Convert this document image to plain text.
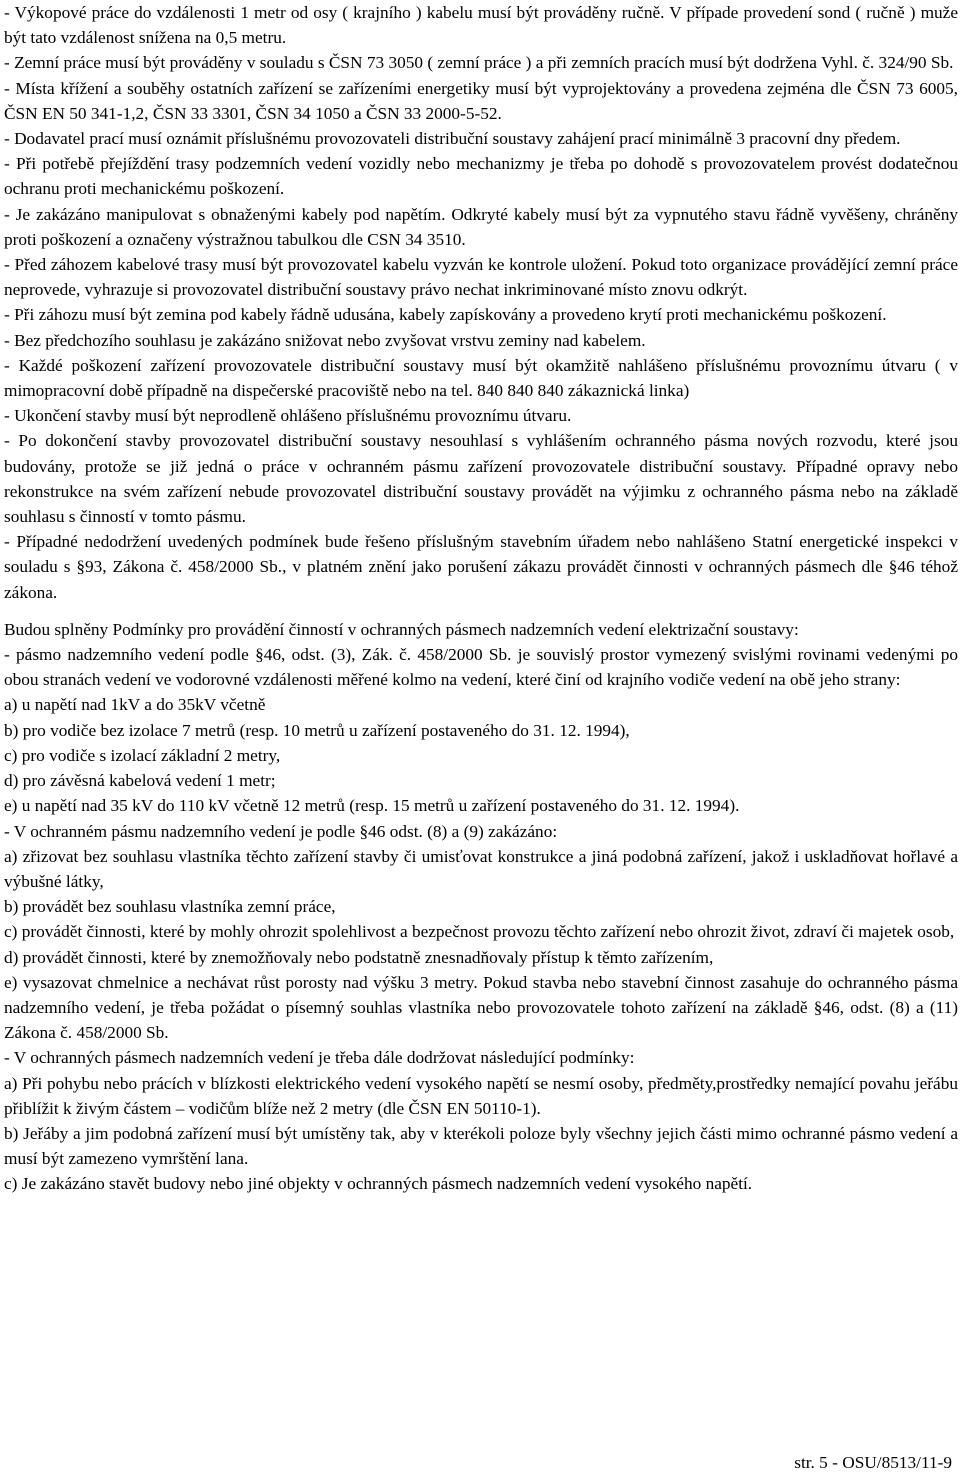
- Výkopové práce do vzdálenosti 1 metr od osy ( krajního ) kabelu musí být prováděny ručně. V případe provedení sond ( ručně ) muže být tato vzdálenost snížena na 0,5 metru.

- Zemní práce musí být prováděny v souladu s ČSN 73 3050 ( zemní práce ) a při zemních pracích musí být dodržena Vyhl. č. 324/90 Sb.

- Místa křížení a souběhy ostatních zařízení se zařízeními energetiky musí být vyprojektovány a provedena zejména dle ČSN 73 6005, ČSN EN 50 341-1,2, ČSN 33 3301, ČSN 34 1050 a ČSN 33 2000-5-52.

- Dodavatel prací musí oznámit příslušnému provozovateli distribuční soustavy zahájení prací minimálně 3 pracovní dny předem.

- Při potřebě přejíždění trasy podzemních vedení vozidly nebo mechanizmy je třeba po dohodě s provozovatelem provést dodatečnou ochranu proti mechanickému poškození.

- Je zakázáno manipulovat s obnaženými kabely pod napětím. Odkryté kabely musí být za vypnutého stavu řádně vyvěšeny, chráněny proti poškození a označeny výstražnou tabulkou dle CSN 34 3510.

- Před záhozem kabelové trasy musí být provozovatel kabelu vyzván ke kontrole uložení. Pokud toto organizace provádějící zemní práce neprovede, vyhrazuje si provozovatel distribuční soustavy právo nechat inkriminované místo znovu odkrýt.

- Při záhozu musí být zemina pod kabely řádně udusána, kabely zapískovány a provedeno krytí proti mechanickému poškození.

- Bez předchozího souhlasu je zakázáno snižovat nebo zvyšovat vrstvu zeminy nad kabelem.

- Každé poškození zařízení provozovatele distribuční soustavy musí být okamžitě nahlášeno příslušnému provoznímu útvaru ( v mimopracovní době případně na dispečerské pracoviště nebo na tel. 840 840 840 zákaznická linka)

- Ukončení stavby musí být neprodleně ohlášeno příslušnému provoznímu útvaru.

- Po dokončení stavby provozovatel distribuční soustavy nesouhlasí s vyhlášením ochranného pásma nových rozvodu, které jsou budovány, protože se již jedná o práce v ochranném pásmu zařízení provozovatele distribuční soustavy. Případné opravy nebo rekonstrukce na svém zařízení nebude provozovatel distribuční soustavy provádět na výjimku z ochranného pásma nebo na základě souhlasu s činností v tomto pásmu.

- Případné nedodržení uvedených podmínek bude řešeno příslušným stavebním úřadem nebo nahlášeno Statní energetické inspekci v souladu s §93, Zákona č. 458/2000 Sb., v platném znění jako porušení zákazu provádět činnosti v ochranných pásmech dle §46 téhož zákona.

Budou splněny Podmínky pro provádění činností v ochranných pásmech nadzemních vedení elektrizační soustavy:

- pásmo nadzemního vedení podle §46, odst. (3), Zák. č. 458/2000 Sb. je souvislý prostor vymezený svislými rovinami vedenými po obou stranách vedení ve vodorovné vzdálenosti měřené kolmo na vedení, které činí od krajního vodiče vedení na obě jeho strany:

a) u napětí nad 1kV a do 35kV včetně

b) pro vodiče bez izolace 7 metrů (resp. 10 metrů u zařízení postaveného do 31. 12. 1994),

c) pro vodiče s izolací základní 2 metry,

d) pro závěsná kabelová vedení 1 metr;

e) u napětí nad 35 kV do 110 kV včetně 12 metrů (resp. 15 metrů u zařízení postaveného do 31. 12. 1994).

- V ochranném pásmu nadzemního vedení je podle §46 odst. (8) a (9) zakázáno:

a) zřizovat bez souhlasu vlastníka těchto zařízení stavby či umisťovat konstrukce a jiná podobná zařízení, jakož i uskladňovat hořlavé a výbušné látky,

b) provádět bez souhlasu vlastníka zemní práce,

c) provádět činnosti, které by mohly ohrozit spolehlivost a bezpečnost provozu těchto zařízení nebo ohrozit život, zdraví či majetek osob,

d) provádět činnosti, které by znemožňovaly nebo podstatně znesnadňovaly přístup k těmto zařízením,

e) vysazovat chmelnice a nechávat růst porosty nad výšku 3 metry. Pokud stavba nebo stavební činnost zasahuje do ochranného pásma nadzemního vedení, je třeba požádat o písemný souhlas vlastníka nebo provozovatele tohoto zařízení na základě §46, odst. (8) a (11) Zákona č. 458/2000 Sb.

- V ochranných pásmech nadzemních vedení je třeba dále dodržovat následující podmínky:

a) Při pohybu nebo prácích v blízkosti elektrického vedení vysokého napětí se nesmí osoby, předměty,prostředky nemající povahu jeřábu přiblížit k živým částem – vodičům blíže než 2 metry (dle ČSN EN 50110-1).

b) Jeřáby a jim podobná zařízení musí být umístěny tak, aby v kterékoli poloze byly všechny jejich části mimo ochranné pásmo vedení a musí být zamezeno vymrštění lana.

c) Je zakázáno stavět budovy nebo jiné objekty v ochranných pásmech nadzemních vedení vysokého napětí.

str. 5 - OSU/8513/11-9
